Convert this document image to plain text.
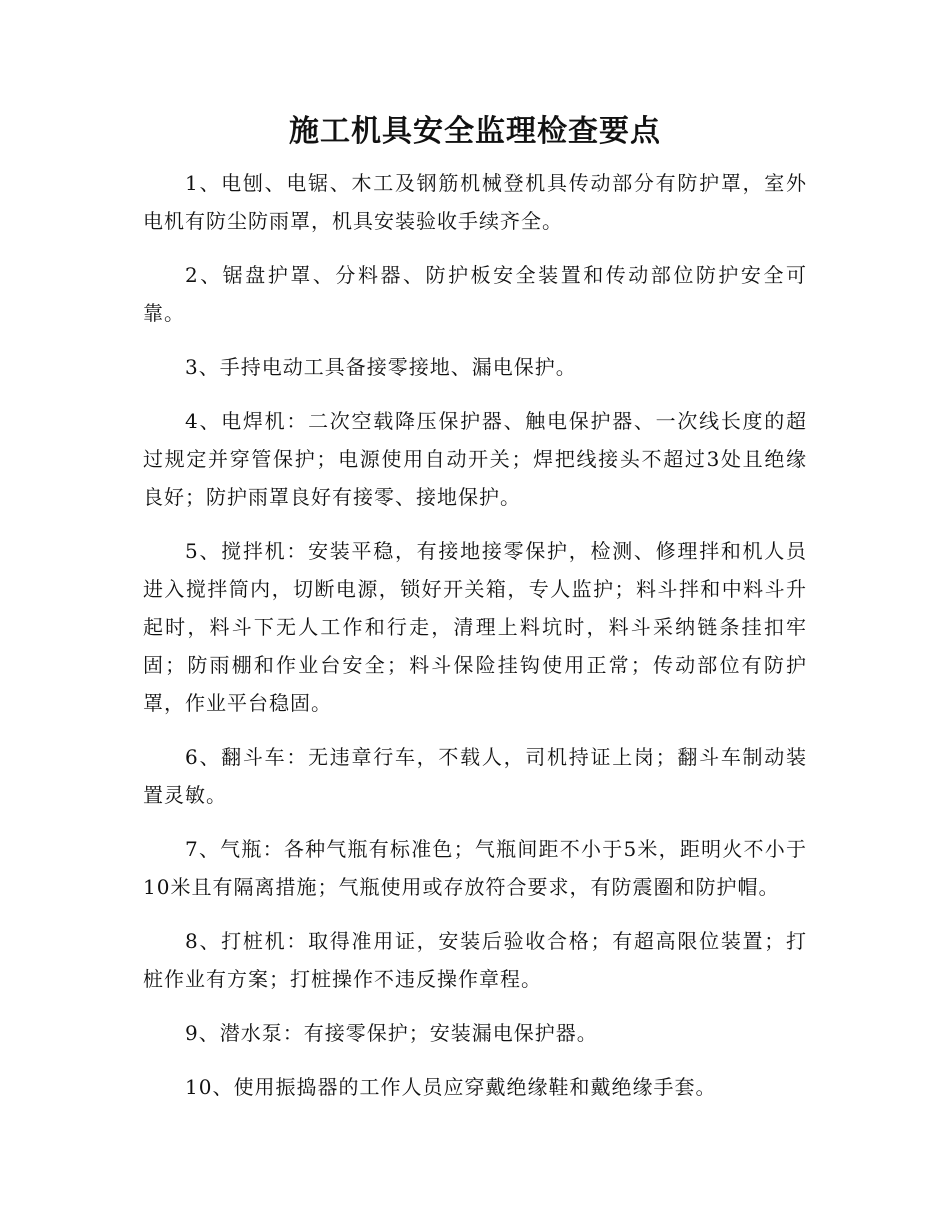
施工机具安全监理检查要点

1、电刨、电锯、木工及钢筋机械登机具传动部分有防护罩，室外电机有防尘防雨罩，机具安装验收手续齐全。

2、锯盘护罩、分料器、防护板安全装置和传动部位防护安全可靠。

3、手持电动工具备接零接地、漏电保护。

4、电焊机：二次空载降压保护器、触电保护器、一次线长度的超过规定并穿管保护；电源使用自动开关；焊把线接头不超过3处且绝缘良好；防护雨罩良好有接零、接地保护。

5、搅拌机：安装平稳，有接地接零保护，检测、修理拌和机人员进入搅拌筒内，切断电源，锁好开关箱，专人监护；料斗拌和中料斗升起时，料斗下无人工作和行走，清理上料坑时，料斗采纳链条挂扣牢固；防雨棚和作业台安全；料斗保险挂钩使用正常；传动部位有防护罩，作业平台稳固。

6、翻斗车：无违章行车，不载人，司机持证上岗；翻斗车制动装置灵敏。

7、气瓶：各种气瓶有标准色；气瓶间距不小于5米，距明火不小于10米且有隔离措施；气瓶使用或存放符合要求，有防震圈和防护帽。

8、打桩机：取得准用证，安装后验收合格；有超高限位装置；打桩作业有方案；打桩操作不违反操作章程。

9、潜水泵：有接零保护；安装漏电保护器。

10、使用振捣器的工作人员应穿戴绝缘鞋和戴绝缘手套。
